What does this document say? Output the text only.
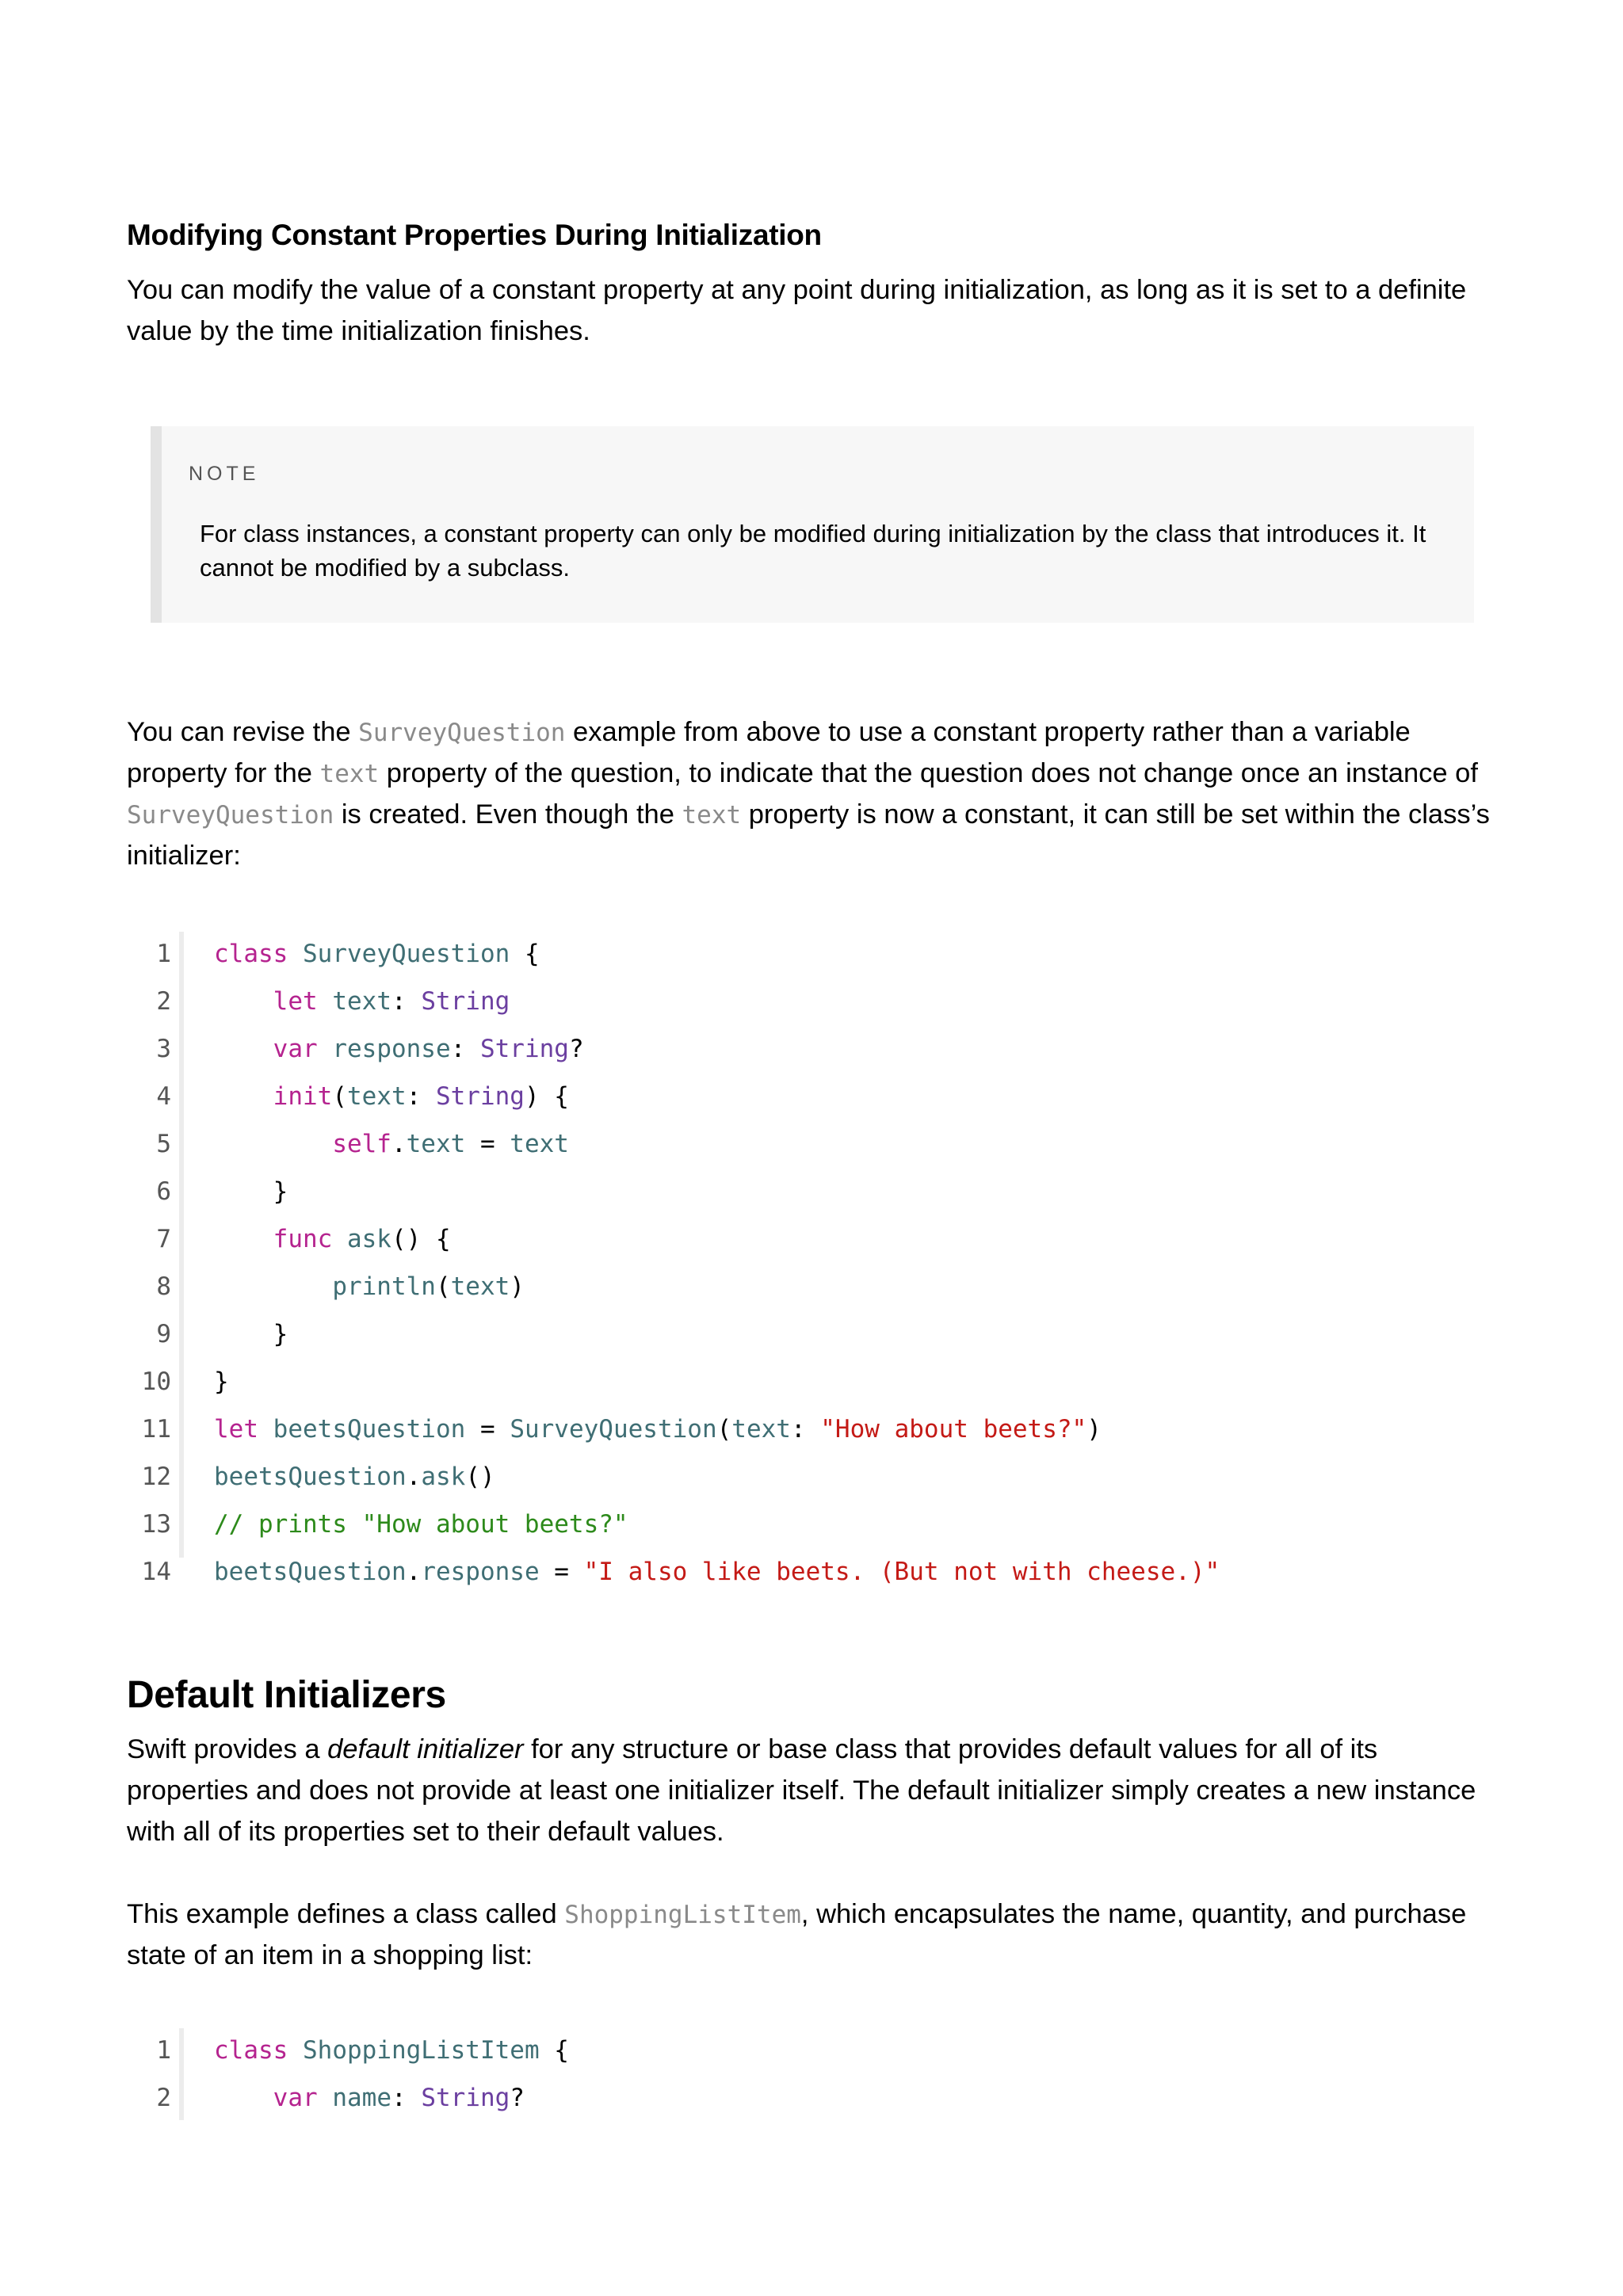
Modifying Constant Properties During Initialization

You can modify the value of a constant property at any point during initialization, as long as it is set to a definite value by the time initialization finishes.

NOTE

For class instances, a constant property can only be modified during initialization by the class that introduces it. It cannot be modified by a subclass.

You can revise the SurveyQuestion example from above to use a constant property rather than a variable property for the text property of the question, to indicate that the question does not change once an instance of SurveyQuestion is created. Even though the text property is now a constant, it can still be set within the class’s initializer:

1 class SurveyQuestion {
2	let text: String
3	var response: String?
4	init(text: String) {
5	self.text = text
6 }
7	func ask() {
8	println(text)
9 }
10 }
11 let beetsQuestion = SurveyQuestion(text: "How about beets?")
12 beetsQuestion.ask()
13 // prints "How about beets?"
14 beetsQuestion.response = "I also like beets. (But not with cheese.)"
Default Initializers

Swift provides a default initializer for any structure or base class that provides default values for all of its properties and does not provide at least one initializer itself. The default initializer simply creates a new instance with all of its properties set to their default values.

This example defines a class called ShoppingListItem, which encapsulates the name, quantity, and purchase state of an item in a shopping list:

1 class ShoppingListItem {
2	var name: String?
